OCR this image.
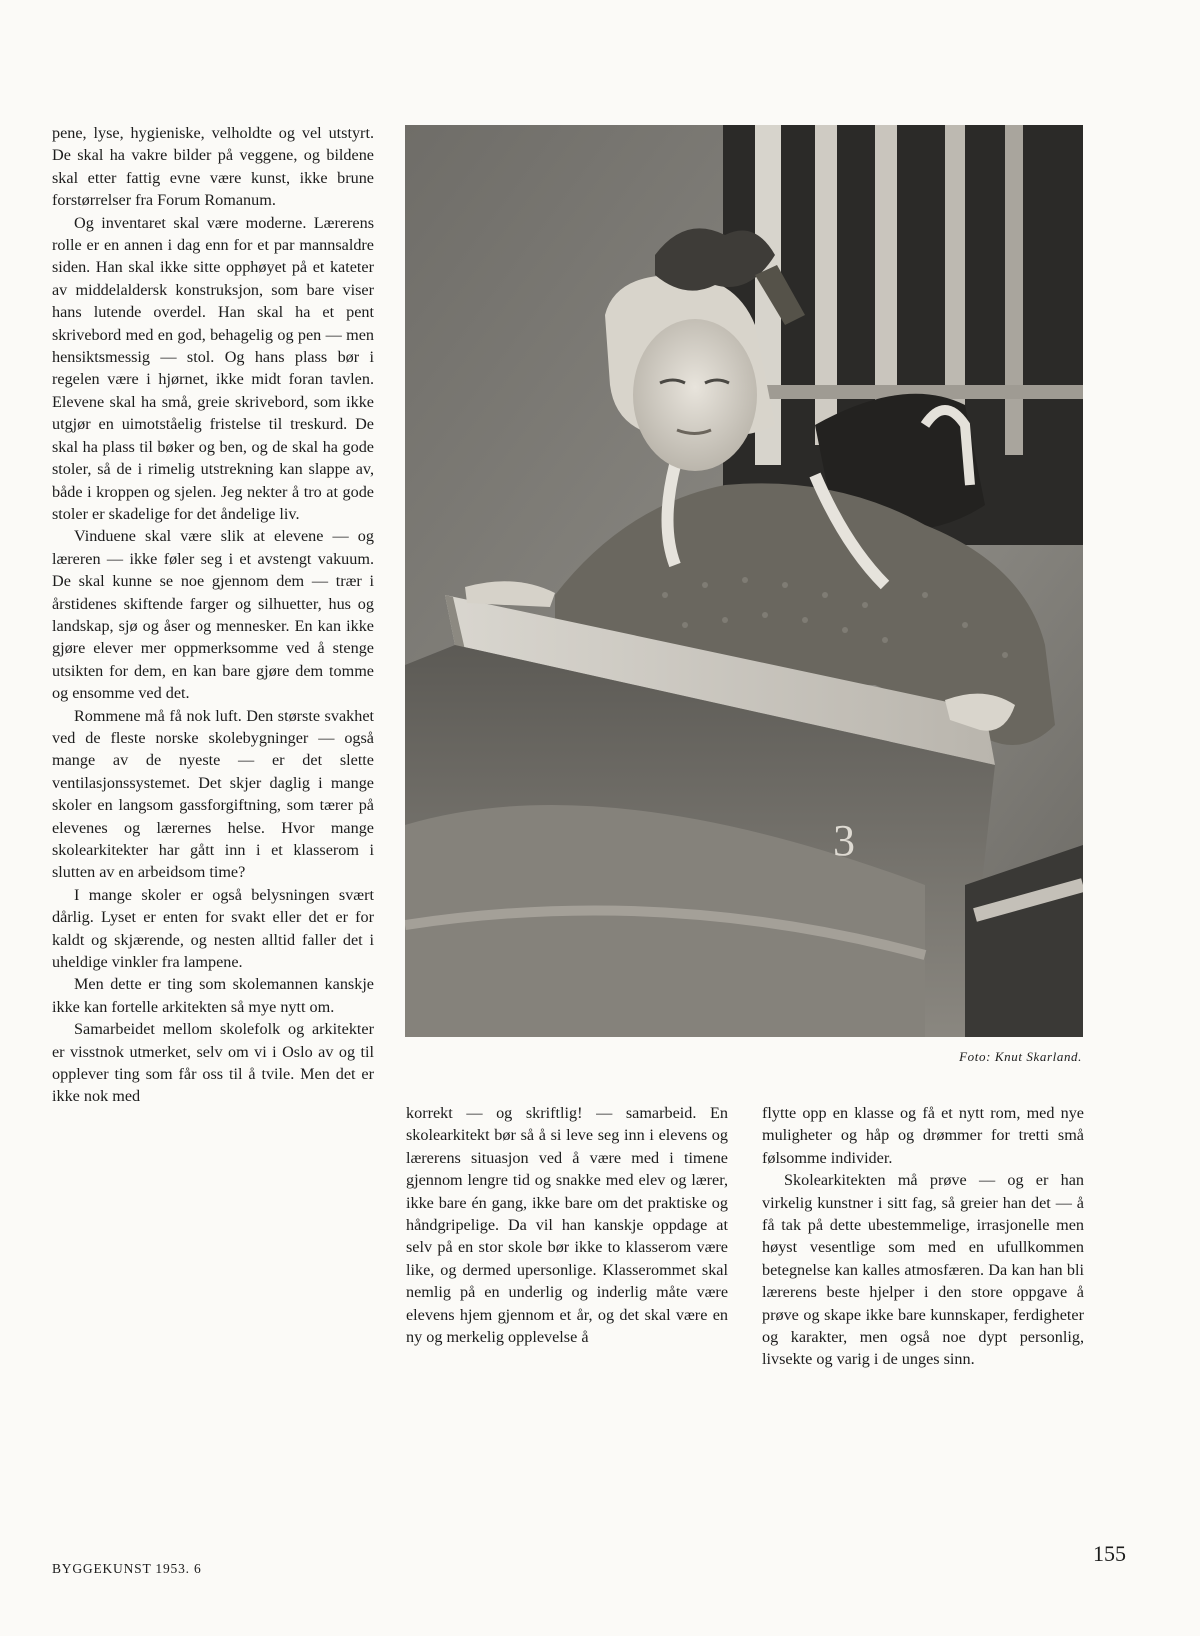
pene, lyse, hygieniske, velholdte og vel utstyrt. De skal ha vakre bilder på veggene, og bildene skal etter fattig evne være kunst, ikke brune forstørrelser fra Forum Romanum.

Og inventaret skal være moderne. Lærerens rolle er en annen i dag enn for et par mannsaldre siden. Han skal ikke sitte opphøyet på et kateter av middelaldersk konstruksjon, som bare viser hans lutende overdel. Han skal ha et pent skrivebord med en god, behagelig og pen — men hensiktsmessig — stol. Og hans plass bør i regelen være i hjørnet, ikke midt foran tavlen. Elevene skal ha små, greie skrivebord, som ikke utgjør en uimotståelig fristelse til treskurd. De skal ha plass til bøker og ben, og de skal ha gode stoler, så de i rimelig utstrekning kan slappe av, både i kroppen og sjelen. Jeg nekter å tro at gode stoler er skadelige for det åndelige liv.

Vinduene skal være slik at elevene — og læreren — ikke føler seg i et avstengt vakuum. De skal kunne se noe gjennom dem — trær i årstidenes skiftende farger og silhuetter, hus og landskap, sjø og åser og mennesker. En kan ikke gjøre elever mer oppmerksomme ved å stenge utsikten for dem, en kan bare gjøre dem tomme og ensomme ved det.

Rommene må få nok luft. Den største svakhet ved de fleste norske skolebygninger — også mange av de nyeste — er det slette ventilasjonssystemet. Det skjer daglig i mange skoler en langsom gassforgiftning, som tærer på elevenes og lærernes helse. Hvor mange skolearkitekter har gått inn i et klasserom i slutten av en arbeidsom time?

I mange skoler er også belysningen svært dårlig. Lyset er enten for svakt eller det er for kaldt og skjærende, og nesten alltid faller det i uheldige vinkler fra lampene.

Men dette er ting som skolemannen kanskje ikke kan fortelle arkitekten så mye nytt om.

Samarbeidet mellom skolefolk og arkitekter er visstnok utmerket, selv om vi i Oslo av og til opplever ting som får oss til å tvile. Men det er ikke nok med

3
Foto: Knut Skarland.

korrekt — og skriftlig! — samarbeid. En skolearkitekt bør så å si leve seg inn i elevens og lærerens situasjon ved å være med i timene gjennom lengre tid og snakke med elev og lærer, ikke bare én gang, ikke bare om det praktiske og håndgripelige. Da vil han kanskje oppdage at selv på en stor skole bør ikke to klasserom være like, og dermed upersonlige. Klasserommet skal nemlig på en underlig og inderlig måte være elevens hjem gjennom et år, og det skal være en ny og merkelig opplevelse å

flytte opp en klasse og få et nytt rom, med nye muligheter og håp og drømmer for tretti små følsomme individer.

Skolearkitekten må prøve — og er han virkelig kunstner i sitt fag, så greier han det — å få tak på dette ubestemmelige, irrasjonelle men høyst vesentlige som med en ufullkommen betegnelse kan kalles atmosfæren. Da kan han bli lærerens beste hjelper i den store oppgave å prøve og skape ikke bare kunnskaper, ferdigheter og karakter, men også noe dypt personlig, livsekte og varig i de unges sinn.

BYGGEKUNST 1953. 6
155
